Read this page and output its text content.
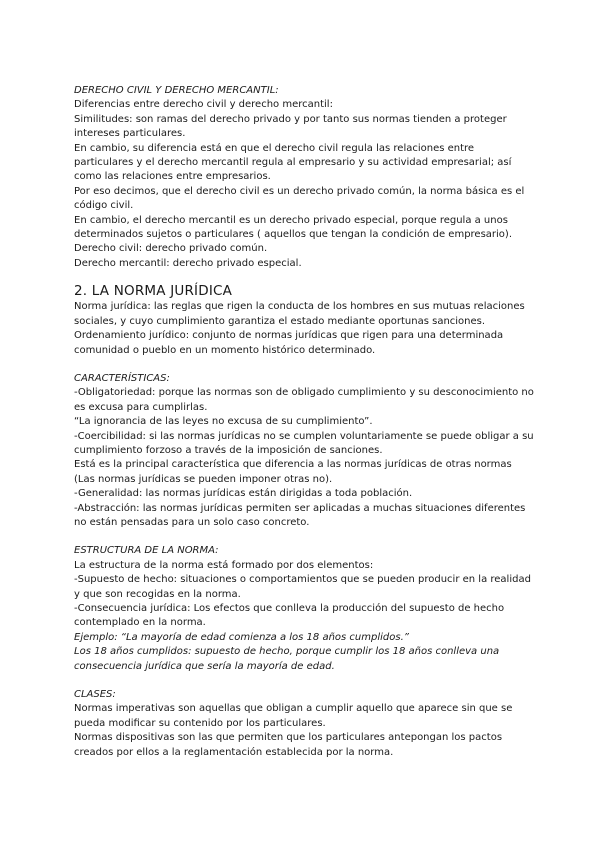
DERECHO CIVIL Y DERECHO MERCANTIL:

Diferencias entre derecho civil y derecho mercantil:

Similitudes: son ramas del derecho privado y por tanto sus normas tienden a proteger intereses particulares.

En cambio, su diferencia está en que el derecho civil regula las relaciones entre particulares y el derecho mercantil regula al empresario y su actividad empresarial; así como las relaciones entre empresarios.

Por eso decimos, que el derecho civil es un derecho privado común, la norma básica es el código civil.

En cambio, el derecho mercantil es un derecho privado especial, porque regula a unos determinados sujetos o particulares ( aquellos que tengan la condición de empresario).

Derecho civil: derecho privado común.

Derecho mercantil: derecho privado especial.

2. LA NORMA JURÍDICA

Norma jurídica: las reglas que rigen la conducta de los hombres en sus mutuas relaciones sociales, y cuyo cumplimiento garantiza el estado mediante oportunas sanciones.

Ordenamiento jurídico: conjunto de normas jurídicas que rigen para una determinada comunidad o pueblo en un momento histórico determinado.

CARACTERÍSTICAS:

-Obligatoriedad: porque las normas son de obligado cumplimiento y su desconocimiento no es excusa para cumplirlas.

“La ignorancia de las leyes no excusa de su cumplimiento”.

-Coercibilidad: si las normas jurídicas no se cumplen voluntariamente se puede obligar a su cumplimiento forzoso a través de la imposición de sanciones.

Está es la principal característica que diferencia a las normas jurídicas de otras normas (Las normas jurídicas se pueden imponer otras no).

-Generalidad: las normas jurídicas están dirigidas a toda población.

-Abstracción: las normas jurídicas permiten ser aplicadas a muchas situaciones diferentes no están pensadas para un solo caso concreto.

ESTRUCTURA DE LA NORMA:

La estructura de la norma está formado por dos elementos:

-Supuesto de hecho: situaciones o comportamientos que se pueden producir en la realidad y que son recogidas en la norma.

-Consecuencia jurídica: Los efectos que conlleva la producción del supuesto de hecho contemplado en la norma.

Ejemplo: “La mayoría de edad comienza a los 18 años cumplidos.”

Los 18 años cumplidos: supuesto de hecho, porque cumplir los 18 años conlleva una consecuencia jurídica que sería la mayoría de edad.

CLASES:

Normas imperativas son aquellas que obligan a cumplir aquello que aparece sin que se pueda modificar su contenido por los particulares.

Normas dispositivas son las que permiten que los particulares antepongan los pactos creados por ellos a la reglamentación establecida por la norma.
